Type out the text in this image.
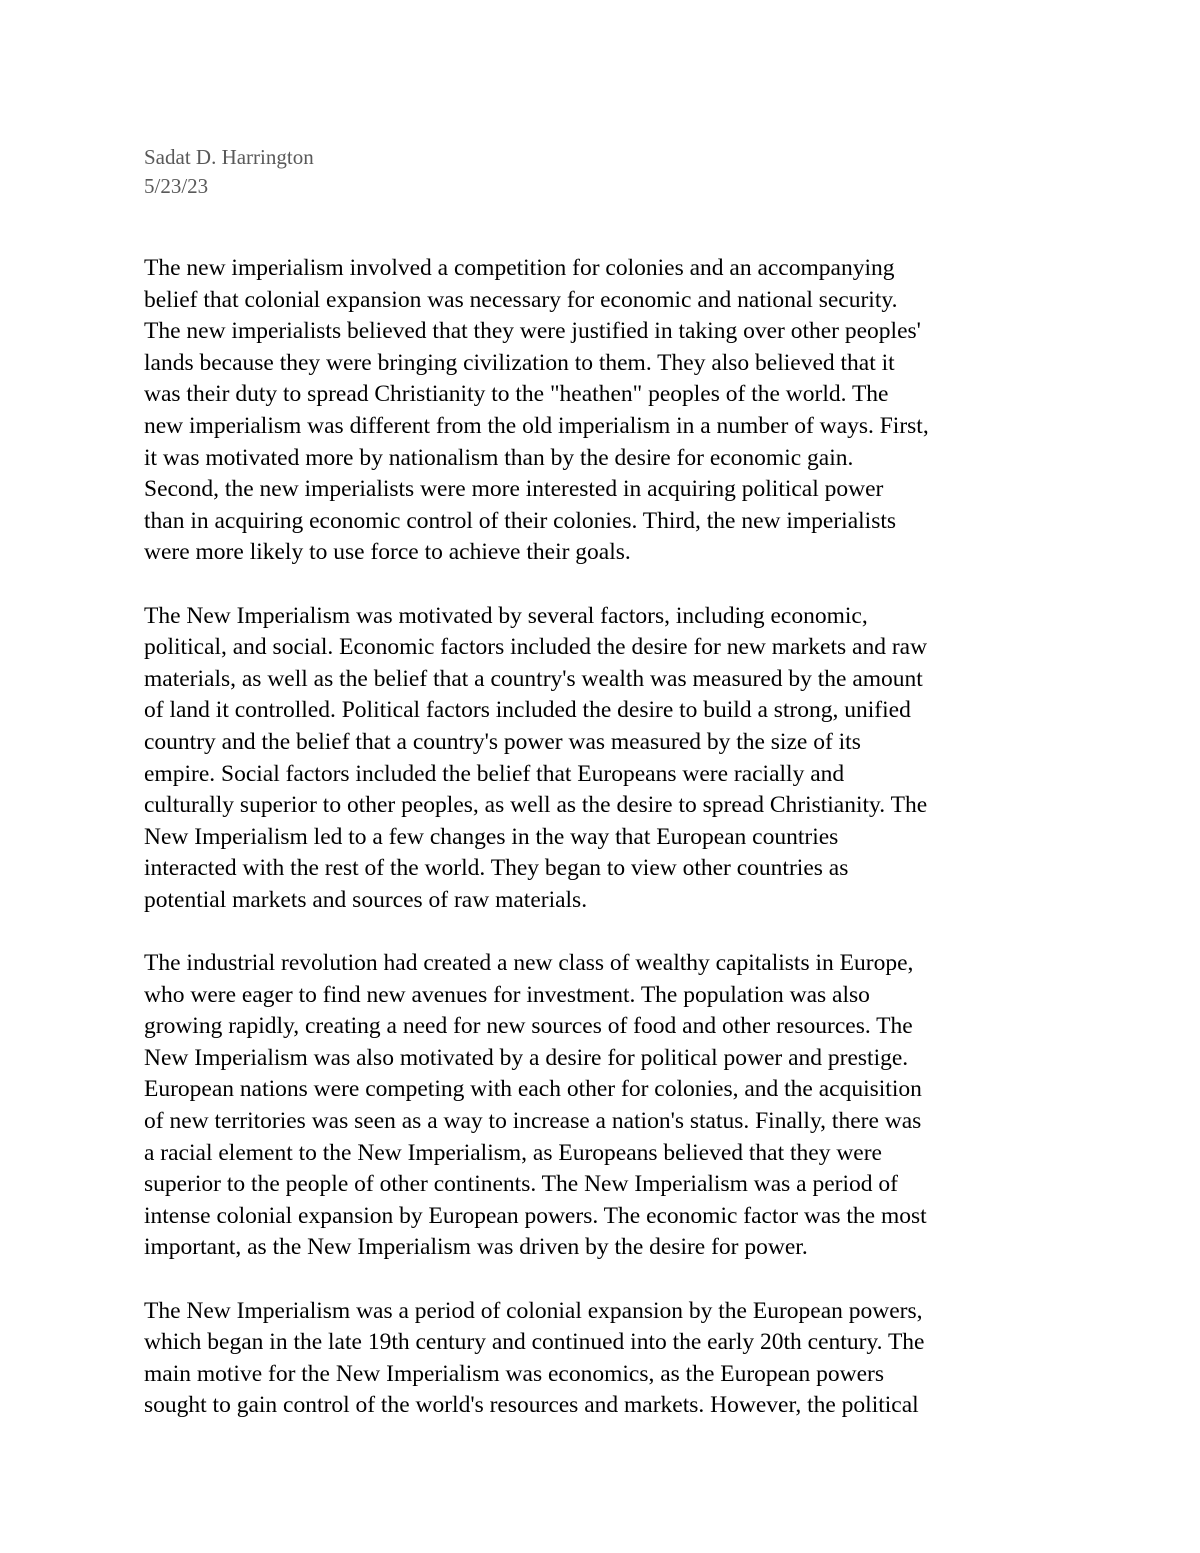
Sadat D. Harrington
5/23/23
The new imperialism involved a competition for colonies and an accompanying
belief that colonial expansion was necessary for economic and national security.
The new imperialists believed that they were justified in taking over other peoples'
lands because they were bringing civilization to them. They also believed that it
was their duty to spread Christianity to the "heathen" peoples of the world. The
new imperialism was different from the old imperialism in a number of ways. First,
it was motivated more by nationalism than by the desire for economic gain.
Second, the new imperialists were more interested in acquiring political power
than in acquiring economic control of their colonies. Third, the new imperialists
were more likely to use force to achieve their goals.
The New Imperialism was motivated by several factors, including economic,
political, and social. Economic factors included the desire for new markets and raw
materials, as well as the belief that a country's wealth was measured by the amount
of land it controlled. Political factors included the desire to build a strong, unified
country and the belief that a country's power was measured by the size of its
empire. Social factors included the belief that Europeans were racially and
culturally superior to other peoples, as well as the desire to spread Christianity. The
New Imperialism led to a few changes in the way that European countries
interacted with the rest of the world. They began to view other countries as
potential markets and sources of raw materials.
The industrial revolution had created a new class of wealthy capitalists in Europe,
who were eager to find new avenues for investment. The population was also
growing rapidly, creating a need for new sources of food and other resources. The
New Imperialism was also motivated by a desire for political power and prestige.
European nations were competing with each other for colonies, and the acquisition
of new territories was seen as a way to increase a nation's status. Finally, there was
a racial element to the New Imperialism, as Europeans believed that they were
superior to the people of other continents. The New Imperialism was a period of
intense colonial expansion by European powers. The economic factor was the most
important, as the New Imperialism was driven by the desire for power.
The New Imperialism was a period of colonial expansion by the European powers,
which began in the late 19th century and continued into the early 20th century. The
main motive for the New Imperialism was economics, as the European powers
sought to gain control of the world's resources and markets. However, the political
